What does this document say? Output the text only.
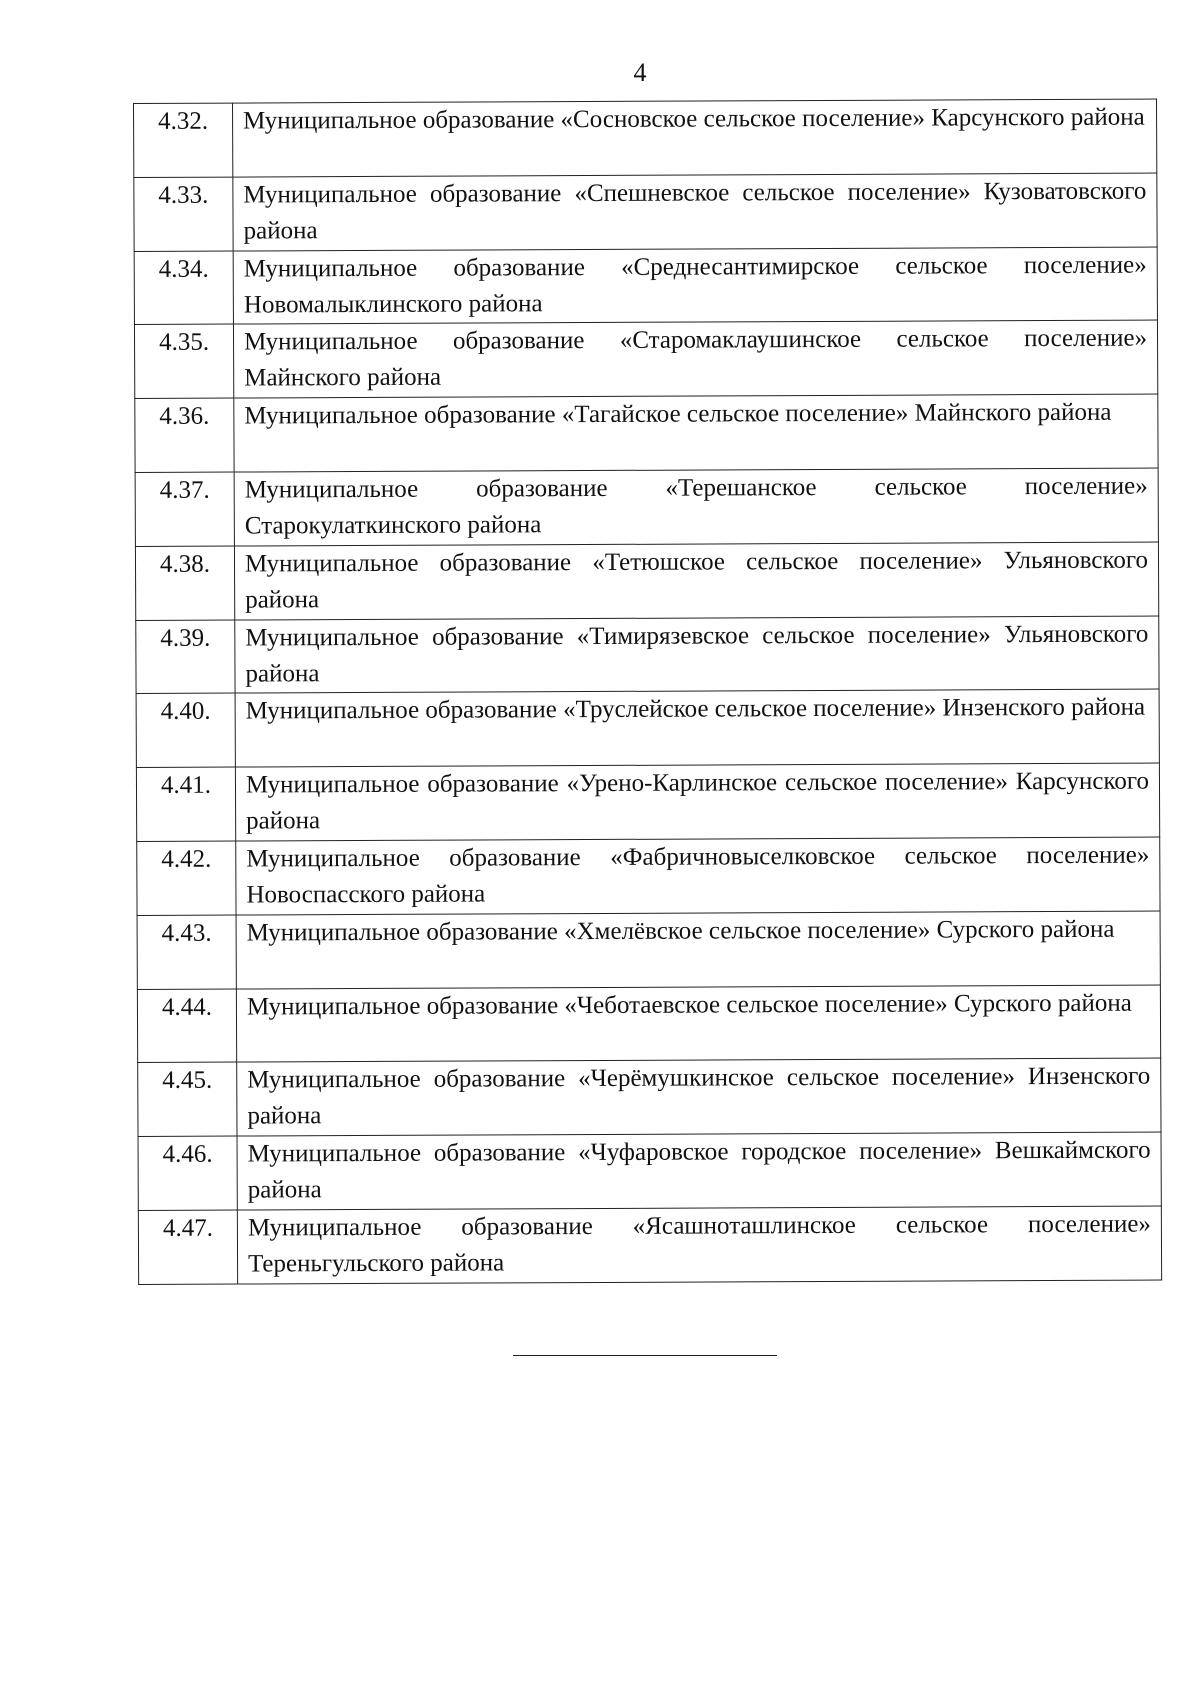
4
4.32.	Муниципальное образование «Сосновское сельское поселение» Карсунского района

4.33.	Муниципальное образование «Спешневское сельское поселение» Кузоватовского района

4.34.	Муниципальное образование «Среднесантимирское сельское поселение» Новомалыклинского района

4.35.	Муниципальное образование «Старомаклаушинское сельское поселение» Майнского района

4.36.	Муниципальное образование «Тагайское сельское поселение» Майнского района

4.37.	Муниципальное образование «Терешанское сельское поселение» Старокулаткинского района

4.38.	Муниципальное образование «Тетюшское сельское поселение» Ульяновского района

4.39.	Муниципальное образование «Тимирязевское сельское поселение» Ульяновского района

4.40.	Муниципальное образование «Труслейское сельское поселение» Инзенского района

4.41.	Муниципальное образование «Урено-Карлинское сельское поселение» Карсунского района

4.42.	Муниципальное образование «Фабричновыселковское сельское поселение» Новоспасского района

4.43.	Муниципальное образование «Хмелёвское сельское поселение» Сурского района

4.44.	Муниципальное образование «Чеботаевское сельское поселение» Сурского района

4.45.	Муниципальное образование «Черёмушкинское сельское поселение» Инзенского района

4.46.	Муниципальное образование «Чуфаровское городское поселение» Вешкаймского района

4.47.	Муниципальное образование «Ясашноташлинское сельское поселение» Тереньгульского района
